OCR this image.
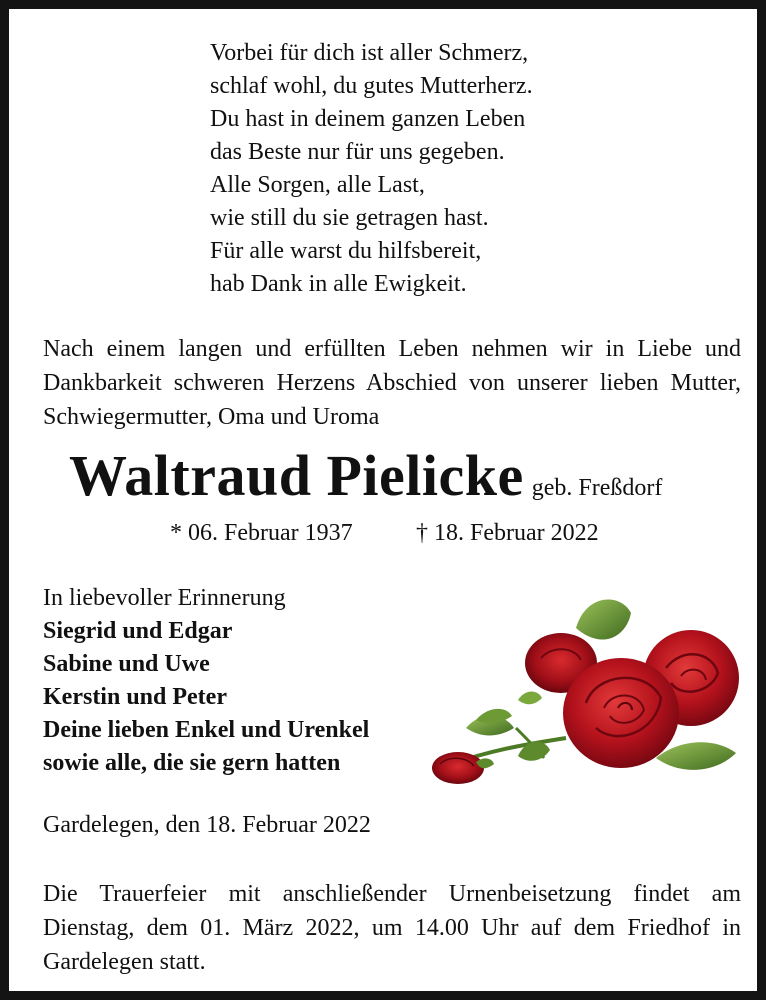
Vorbei für dich ist aller Schmerz,
schlaf wohl, du gutes Mutterherz.
Du hast in deinem ganzen Leben
das Beste nur für uns gegeben.
Alle Sorgen, alle Last,
wie still du sie getragen hast.
Für alle warst du hilfsbereit,
hab Dank in alle Ewigkeit.
Nach einem langen und erfüllten Leben nehmen wir in Liebe und Dankbarkeit schweren Herzens Abschied von unserer lieben Mutter, Schwiegermutter, Oma und Uroma
Waltraud Pielicke geb. Freßdorf
* 06. Februar 1937	† 18. Februar 2022
In liebevoller Erinnerung
Siegrid und Edgar
Sabine und Uwe
Kerstin und Peter
Deine lieben Enkel und Urenkel
sowie alle, die sie gern hatten
Gardelegen, den 18. Februar 2022
Die Trauerfeier mit anschließender Urnenbeisetzung findet am Dienstag, dem 01. März 2022, um 14.00 Uhr auf dem Friedhof in Gardelegen statt.
